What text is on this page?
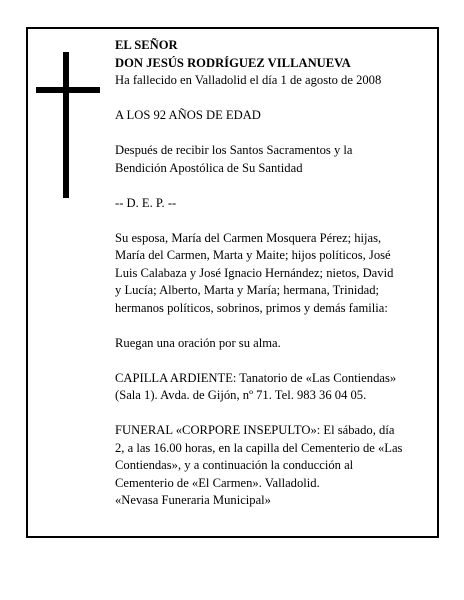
EL SEÑOR
DON JESÚS RODRÍGUEZ VILLANUEVA
Ha fallecido en Valladolid el día 1 de agosto de 2008
A LOS 92 AÑOS DE EDAD
Después de recibir los Santos Sacramentos y la
Bendición Apostólica de Su Santidad
-- D. E. P. --
Su esposa, María del Carmen Mosquera Pérez; hijas,
María del Carmen, Marta y Maite; hijos políticos, José
Luis Calabaza y José Ignacio Hernández; nietos, David
y Lucía; Alberto, Marta y María; hermana, Trinidad;
hermanos políticos, sobrinos, primos y demás familia:
Ruegan una oración por su alma.
CAPILLA ARDIENTE: Tanatorio de «Las Contiendas»
(Sala 1). Avda. de Gijón, nº 71. Tel. 983 36 04 05.
FUNERAL «CORPORE INSEPULTO»: El sábado, día
2, a las 16.00 horas, en la capilla del Cementerio de «Las
Contiendas», y a continuación la conducción al
Cementerio de «El Carmen». Valladolid.
«Nevasa Funeraria Municipal»
